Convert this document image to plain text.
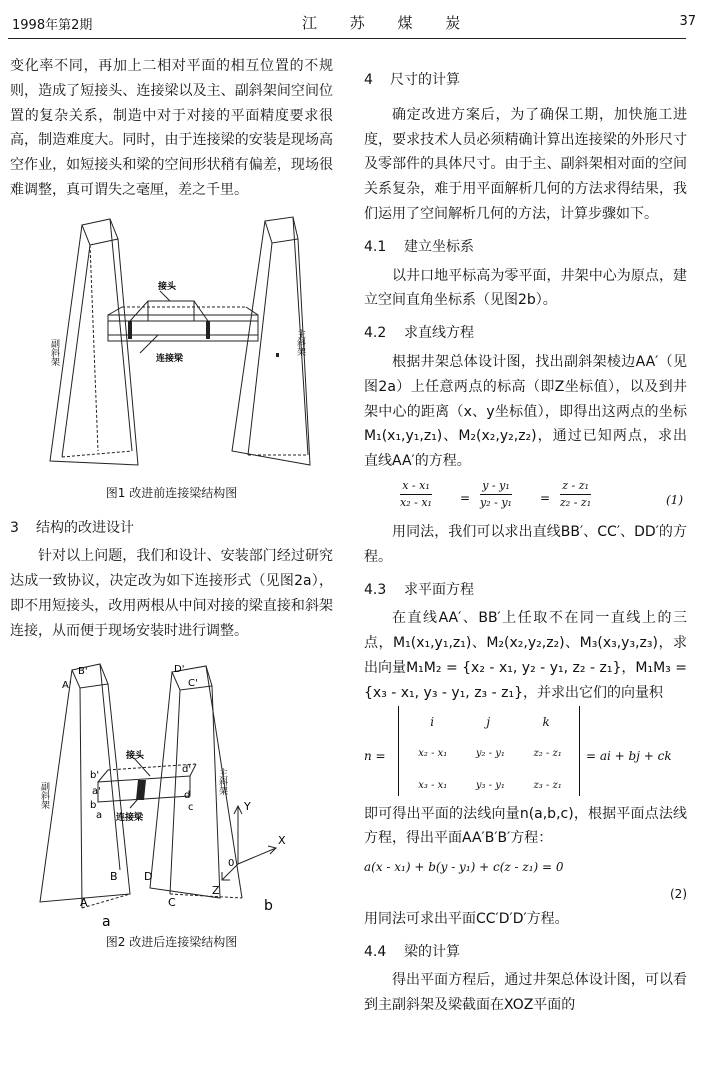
1998年第2期	江 苏 煤 炭	37

变化率不同，再加上二相对平面的相互位置的不规则，造成了短接头、连接梁以及主、副斜架间空间位置的复杂关系，制造中对于对接的平面精度要求很高，制造难度大。同时，由于连接梁的安装是现场高空作业，如短接头和梁的空间形状稍有偏差，现场很难调整，真可谓失之毫厘，差之千里。

副斜架	主斜架
接头
连接梁
图1 改进前连接梁结构图

3 结构的改进设计

针对以上问题，我们和设计、安装部门经过研究达成一致协议，决定改为如下连接形式（见图2a），即不用短接头，改用两根从中间对接的梁直接和斜架连接，从而便于现场安装时进行调整。

B'
A'
D'
C'
b'
a'
d'
b
a
d
c
B
A
D
C
副斜架
主斜架
接头
连接梁
Y
X
Z
0
a
b
图2 改进后连接梁结构图

4 尺寸的计算

确定改进方案后，为了确保工期，加快施工进度，要求技术人员必须精确计算出连接梁的外形尺寸及零部件的具体尺寸。由于主、副斜架相对面的空间关系复杂，难于用平面解析几何的方法求得结果，我们运用了空间解析几何的方法，计算步骤如下。

4.1 建立坐标系

以井口地平标高为零平面，井架中心为原点，建立空间直角坐标系（见图2b）。

4.2 求直线方程

根据井架总体设计图，找出副斜架棱边AA′（见图2a）上任意两点的标高（即Z坐标值），以及到井架中心的距离（x、y坐标值），即得出这两点的坐标M₁(x₁,y₁,z₁)、M₂(x₂,y₂,z₂)，通过已知两点，求出直线AA′的方程。

$\frac{\text{x - x₁}}{\text{x₂ - x₁}} = \frac{\text{y - y₁}}{\text{y₂ - y₁}} = \frac{\text{z - z₁}}{\text{z₂ - z₁}}$	(1)

用同法，我们可以求出直线BB′、CC′、DD′的方程。

4.3 求平面方程

在直线AA′、BB′上任取不在同一直线上的三点，M₁(x₁,y₁,z₁)、M₂(x₂,y₂,z₂)、M₃(x₃,y₃,z₃)，求出向量M₁M₂ = {x₂ - x₁, y₂ - y₁, z₂ - z₁}，M₁M₃ = {x₃ - x₁, y₃ - y₁, z₃ - z₁}，并求出它们的向量积

n =
i	j	k
x₂ - x₁	y₂ - y₁	z₂ - z₁
x₃ - x₁	y₃ - y₁	z₃ - z₁
= ai + bj + ck

即可得出平面的法线向量n(a,b,c)，根据平面点法线方程，得出平面AA′B′B′方程：

a(x - x₁) + b(y - y₁) + c(z - z₁) = 0

(2)

用同法可求出平面CC′D′D′方程。

4.4 梁的计算

得出平面方程后，通过井架总体设计图，可以看到主副斜架及梁截面在XOZ平面的
